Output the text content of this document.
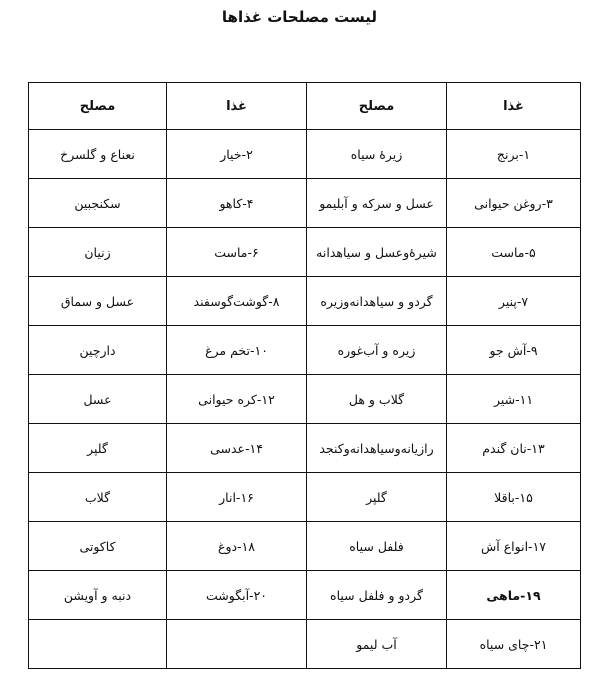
لیست مصلحات غذاها
غذا	مصلح	غذا	مصلح
۱-برنج	زیرهٔ سیاه	۲-خیار	نعناع و گلسرخ
۳-روغن حیوانی	عسل و سرکه و آبلیمو	۴-کاهو	سکنجبین
۵-ماست	شیرهٔ‌وعسل و سیاهدانه	۶-ماست	زنیان
۷-پنیر	گردو و سیاهدانه‌وزیره	۸-گوشت‌گوسفند	عسل و سماق
۹-آش جو	زیره و آب‌غوره	۱۰-تخم مرغ	دارچین
۱۱-شیر	گلاب و هل	۱۲-کره حیوانی	عسل
۱۳-نان گندم	رازیانه‌وسیاهدانه‌وکنجد	۱۴-عدسی	گلپر
۱۵-باقلا	گلپر	۱۶-انار	گلاب
۱۷-انواع آش	فلفل سیاه	۱۸-دوغ	کاکوتی
۱۹-ماهی	گردو و فلفل سیاه	۲۰-آبگوشت	دنبه و آویشن
۲۱-چای سیاه	آب لیمو		
